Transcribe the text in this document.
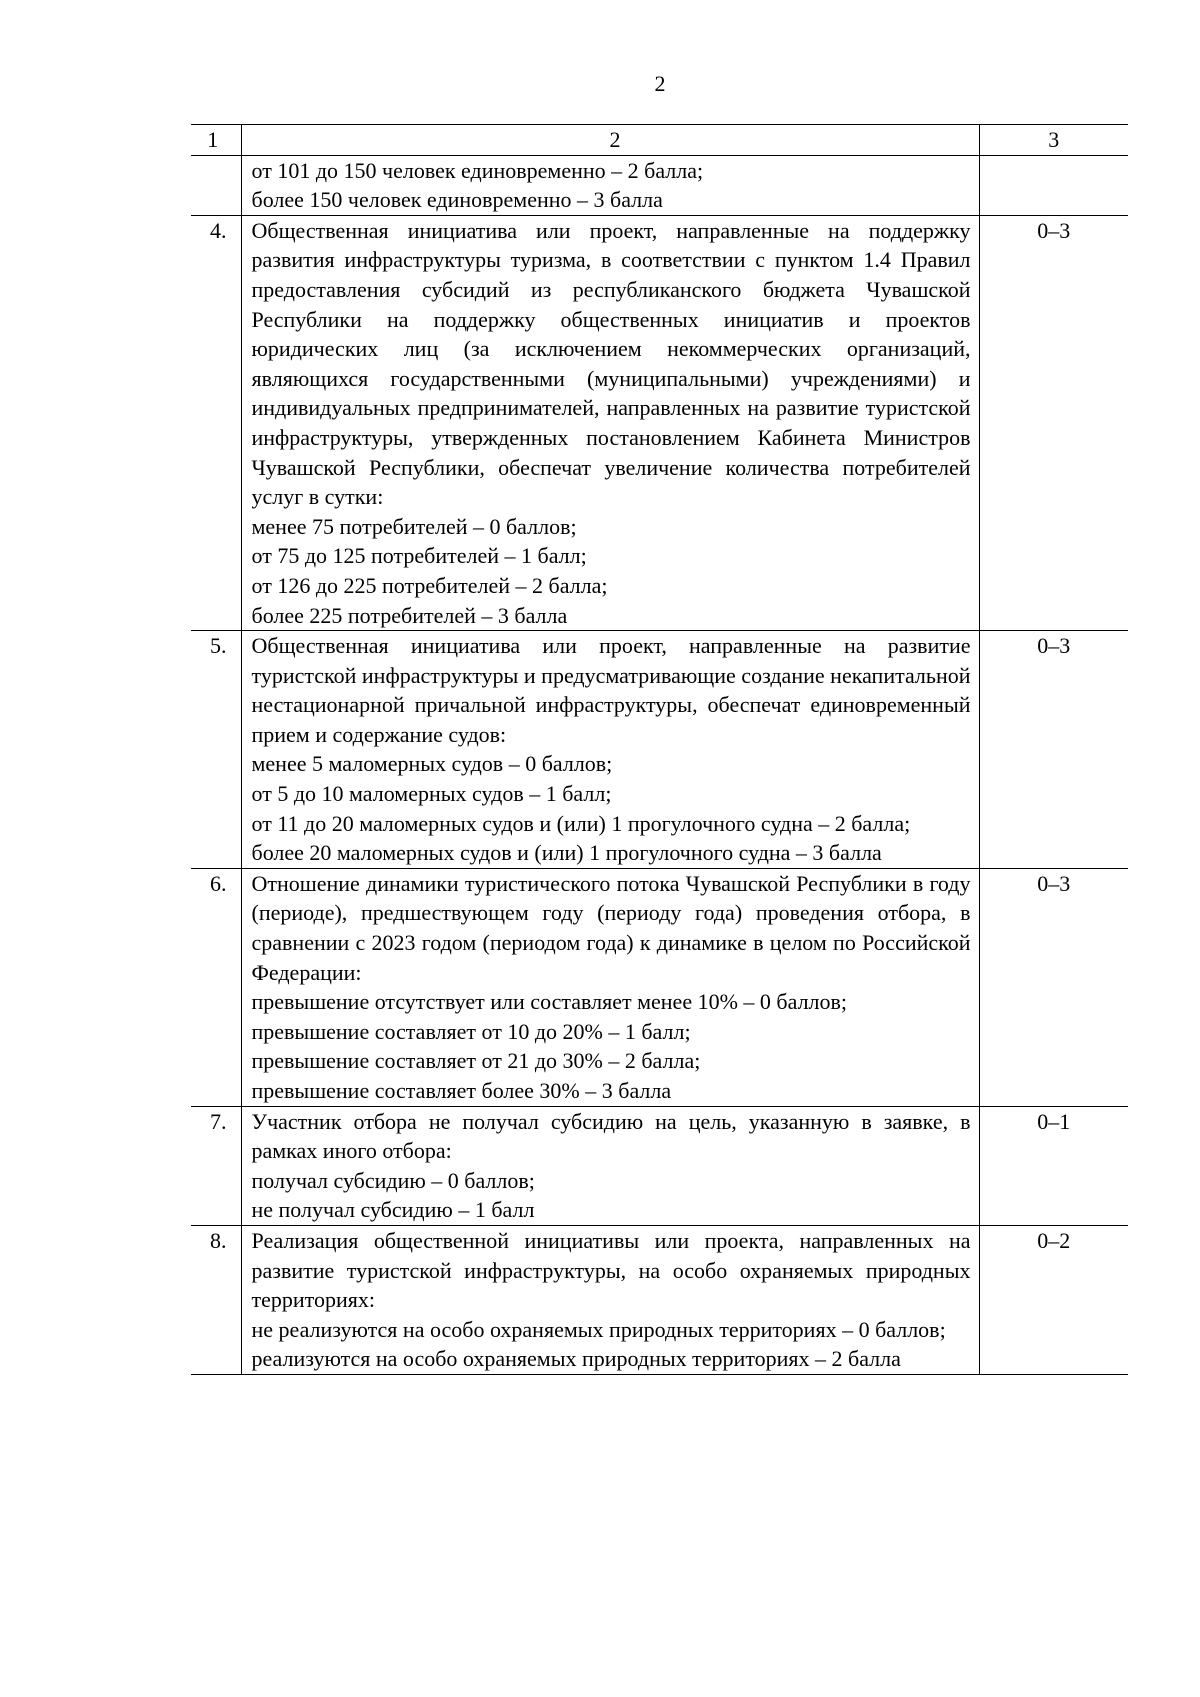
2
1	2	3

	от 101 до 150 человек единовременно – 2 балла;
более 150 человек единовременно – 3 балла	

4.	Общественная инициатива или проект, направленные на поддержку развития инфраструктуры туризма, в соответствии с пунктом 1.4 Правил предоставления субсидий из республиканского бюджета Чувашской Республики на поддержку общественных инициатив и проектов юридических лиц (за исключением некоммерческих организаций, являющихся государственными (муниципальными) учреждениями) и индивидуальных предпринимателей, направленных на развитие туристской инфраструктуры, утвержденных постановлением Кабинета Министров Чувашской Республики, обеспечат увеличение количества потребителей услуг в сутки:
менее 75 потребителей – 0 баллов;
от 75 до 125 потребителей – 1 балл;
от 126 до 225 потребителей – 2 балла;
более 225 потребителей – 3 балла	0–3
5.	Общественная инициатива или проект, направленные на развитие туристской инфраструктуры и предусматривающие создание некапитальной нестационарной причальной инфраструктуры, обеспечат единовременный прием и содержание судов:
менее 5 маломерных судов – 0 баллов;
от 5 до 10 маломерных судов – 1 балл;
от 11 до 20 маломерных судов и (или) 1 прогулочного судна – 2 балла;
более 20 маломерных судов и (или) 1 прогулочного судна – 3 балла	0–3
6.	Отношение динамики туристического потока Чувашской Республики в году (периоде), предшествующем году (периоду года) проведения отбора, в сравнении с 2023 годом (периодом года) к динамике в целом по Российской Федерации:
превышение отсутствует или составляет менее 10% – 0 баллов;
превышение составляет от 10 до 20% – 1 балл;
превышение составляет от 21 до 30% – 2 балла;
превышение составляет более 30% – 3 балла	0–3
7.	Участник отбора не получал субсидию на цель, указанную в заявке, в рамках иного отбора:
получал субсидию – 0 баллов;
не получал субсидию – 1 балл	0–1
8.	Реализация общественной инициативы или проекта, направленных на развитие туристской инфраструктуры, на особо охраняемых природных территориях:
не реализуются на особо охраняемых природных территориях – 0 баллов;
реализуются на особо охраняемых природных территориях – 2 балла	0–2
